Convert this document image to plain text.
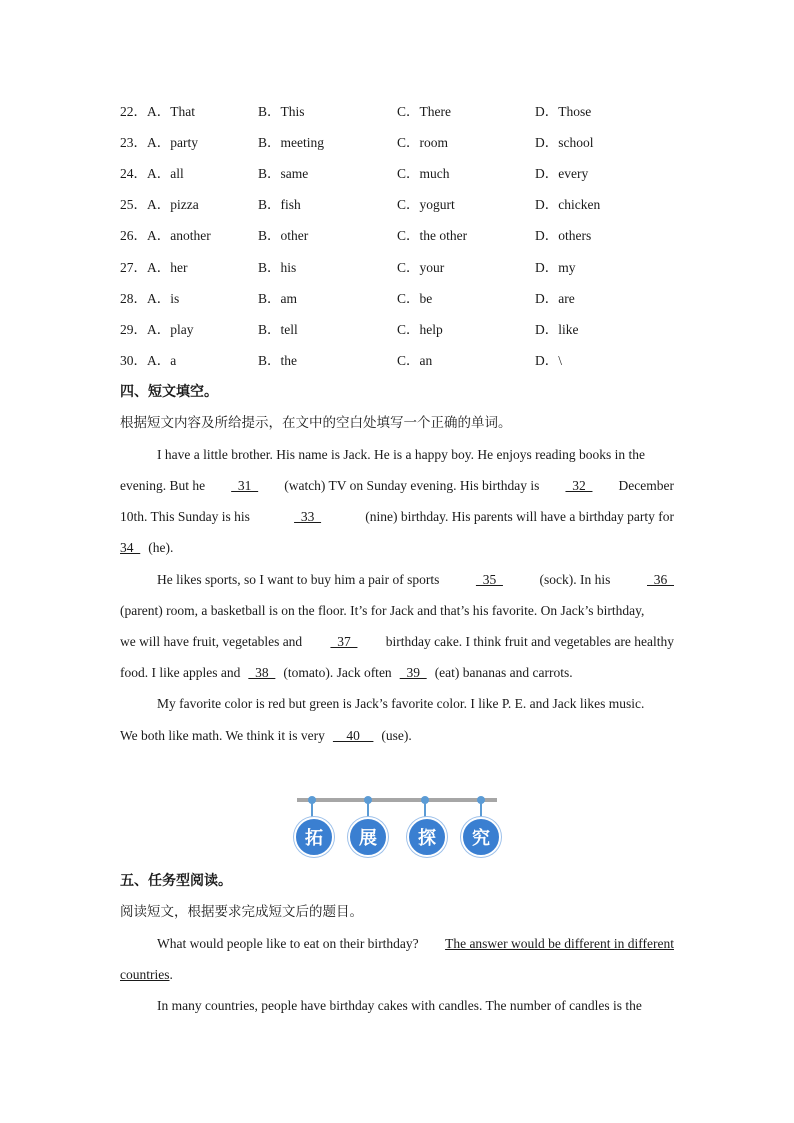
22．A．That	B．This	C．There	D．Those
23．A．party	B．meeting	C．room	D．school
24．A．all	B．same	C．much	D．every
25．A．pizza	B．fish	C．yogurt	D．chicken
26．A．another	B．other	C．the other	D．others
27．A．her	B．his	C．your	D．my
28．A．is	B．am	C．be	D．are
29．A．play	B．tell	C．help	D．like
30．A．a	B．the	C．an	D．\
四、短文填空。
根据短文内容及所给提示，在文中的空白处填写一个正确的单词。
I have a little brother. His name is Jack. He is a happy boy. He enjoys reading books in the
evening. But he 31 (watch) TV on Sunday evening. His birthday is 32 December
10th. This Sunday is his	33	(nine) birthday. His parents will have a birthday party for
34 (he).
He likes sports, so I want to buy him a pair of sports	35	(sock). In his	36
(parent) room, a basketball is on the floor. It’s for Jack and that’s his favorite. On Jack’s birthday,
we will have fruit, vegetables and 37 birthday cake. I think fruit and vegetables are healthy
food. I like apples and 38 (tomato). Jack often 39 (eat) bananas and carrots.
My favorite color is red but green is Jack’s favorite color. I like P. E. and Jack likes music.
We both like math. We think it is very 40 (use).
拓	展	探	究
五、任务型阅读。
阅读短文，根据要求完成短文后的题目。
What would people like to eat on their birthday? The answer would be different in different
countries .
In many countries, people have birthday cakes with candles. The number of candles is the
